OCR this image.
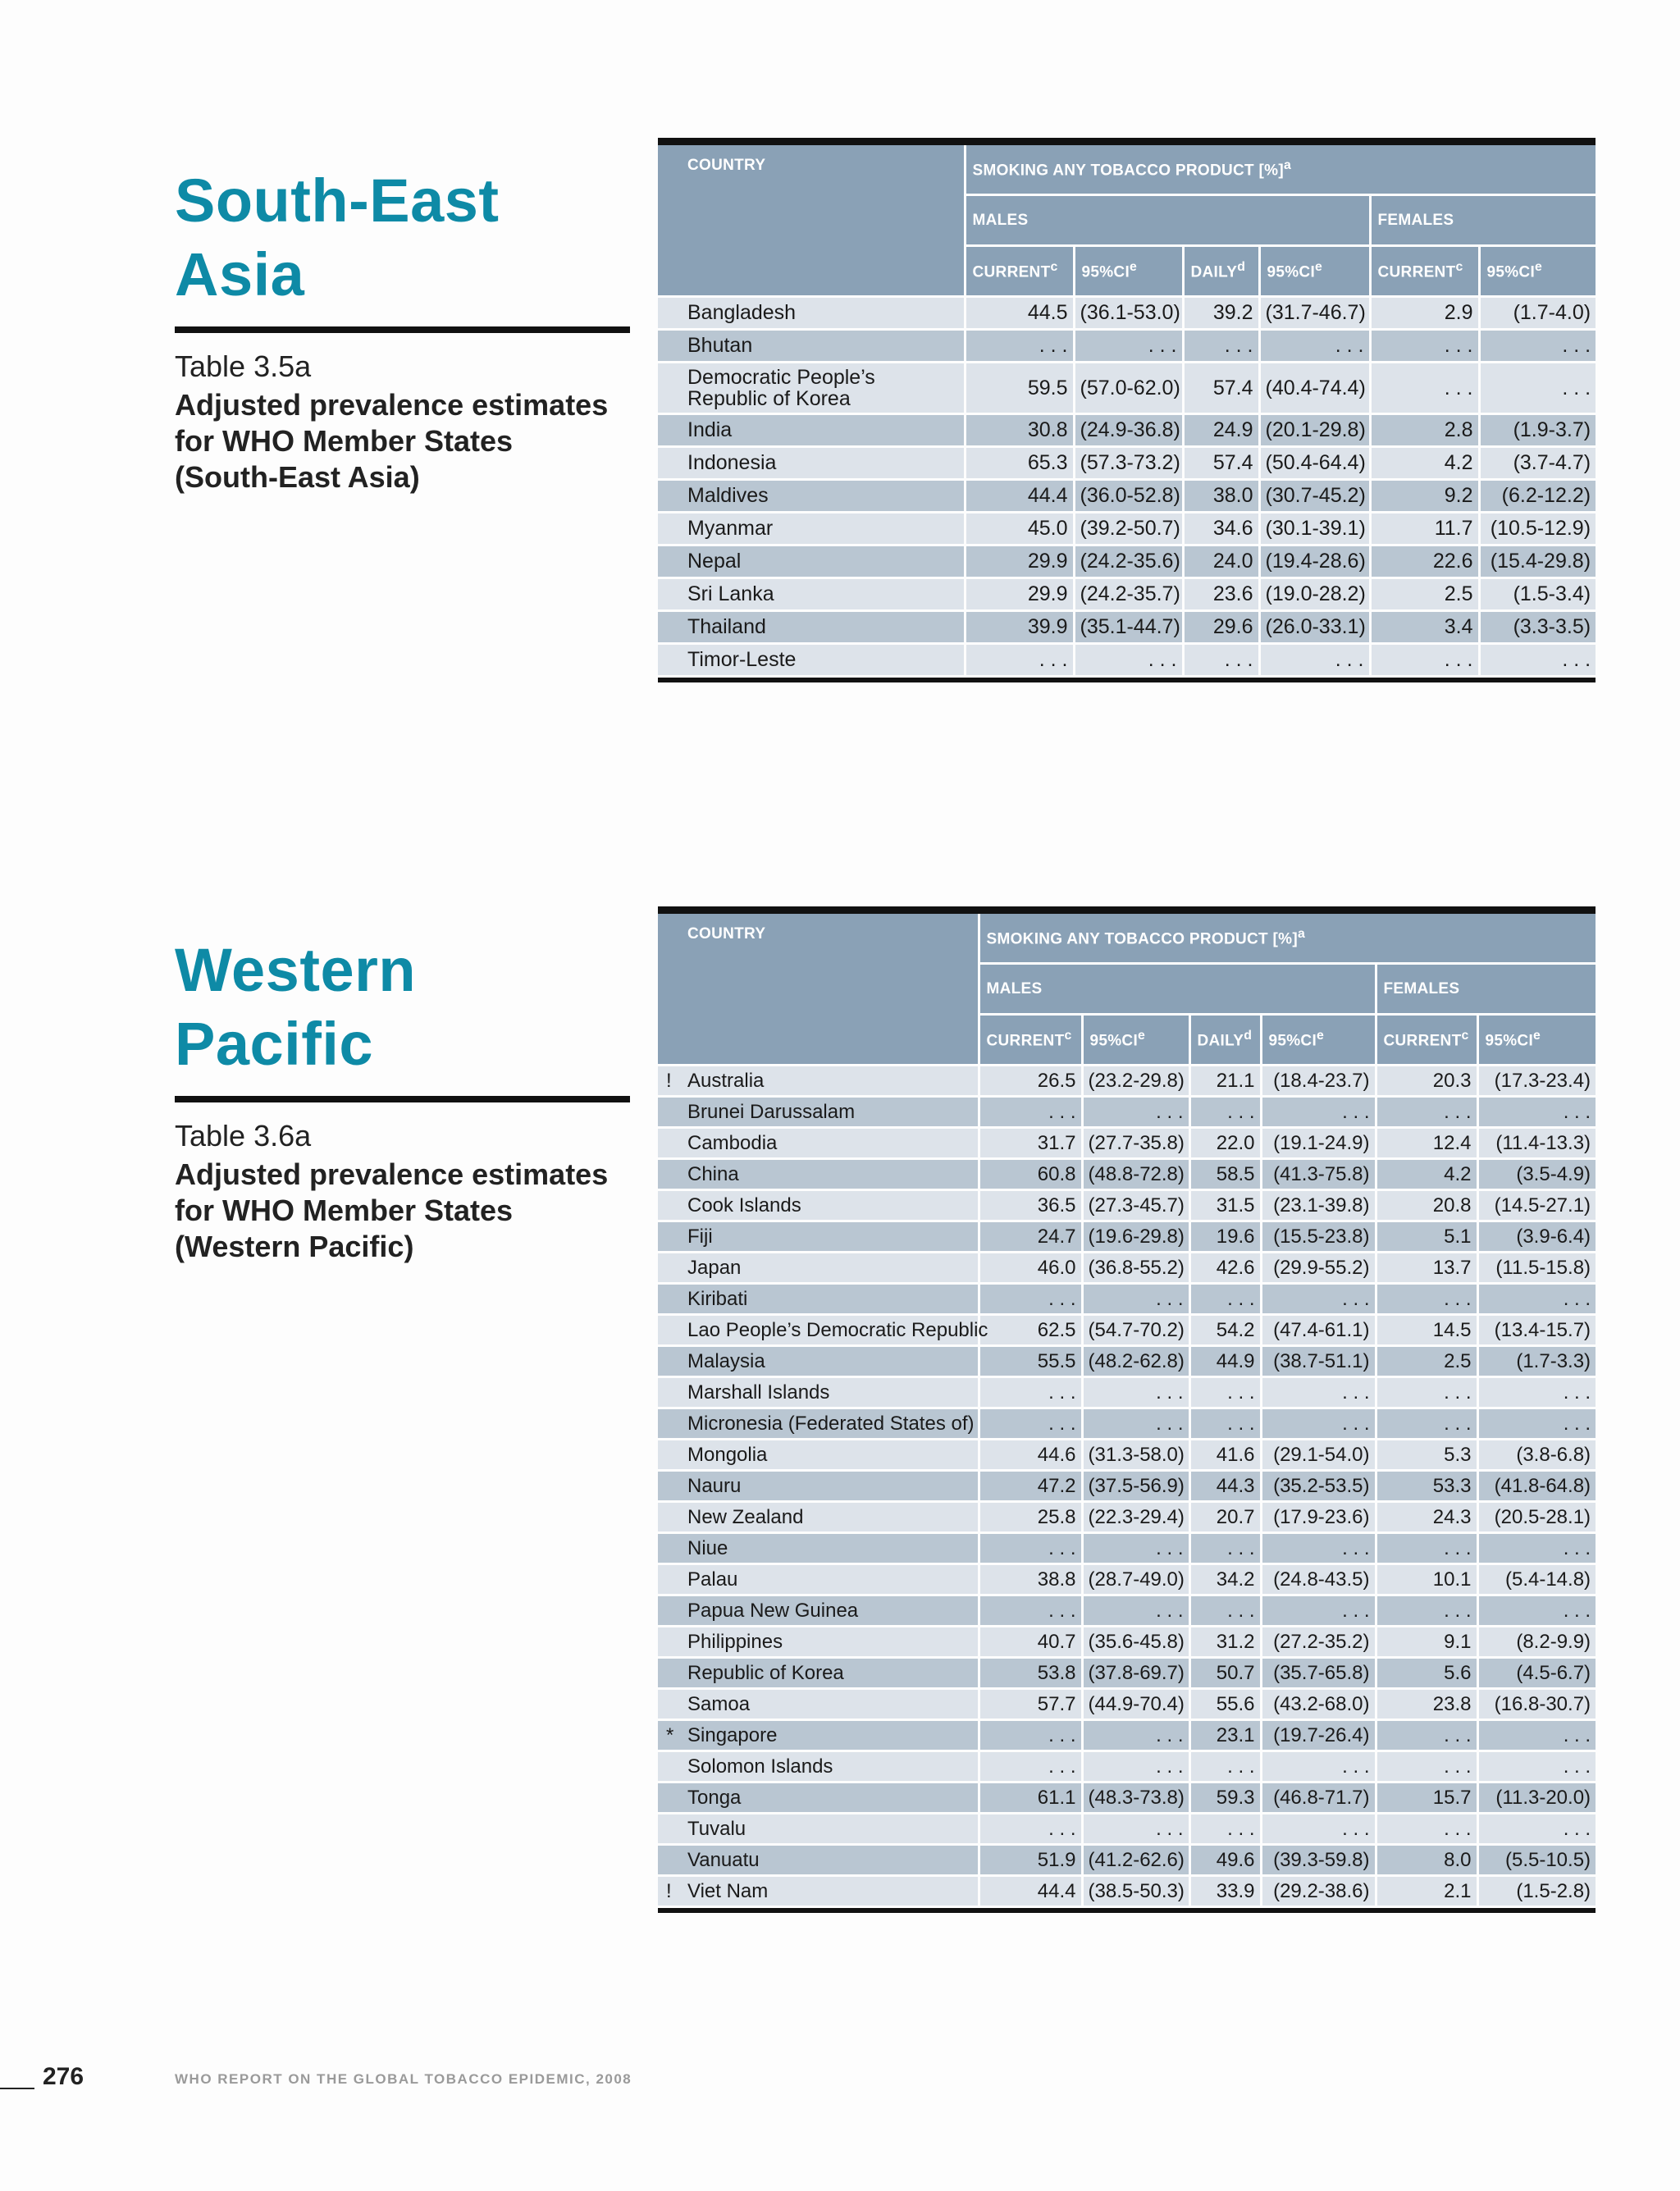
South-East
Asia
Table 3.5a
Adjusted prevalence estimates
for WHO Member States
(South-East Asia)
COUNTRY	SMOKING ANY TOBACCO PRODUCT [%]$^a$
	MALES				FEMALES	
	CURRENT$^c$	95%CIe	DAILY$^d$	95%CIe	CURRENT$^c$	95%CIe

Bangladesh	44.5	(36.1-53.0)	39.2	(31.7-46.7)	2.9	(1.7-4.0)

Bhutan	. . .	. . .	. . .	. . .	. . .	. . .

Democratic People’s Republic of Korea	59.5	(57.0-62.0)	57.4	(40.4-74.4)	. . .	. . .

India	30.8	(24.9-36.8)	24.9	(20.1-29.8)	2.8	(1.9-3.7)

Indonesia	65.3	(57.3-73.2)	57.4	(50.4-64.4)	4.2	(3.7-4.7)

Maldives	44.4	(36.0-52.8)	38.0	(30.7-45.2)	9.2	(6.2-12.2)

Myanmar	45.0	(39.2-50.7)	34.6	(30.1-39.1)	11.7	(10.5-12.9)

Nepal	29.9	(24.2-35.6)	24.0	(19.4-28.6)	22.6	(15.4-29.8)

Sri Lanka	29.9	(24.2-35.7)	23.6	(19.0-28.2)	2.5	(1.5-3.4)

Thailand	39.9	(35.1-44.7)	29.6	(26.0-33.1)	3.4	(3.3-3.5)

Timor-Leste	. . .	. . .	. . .	. . .	. . .	. . .
Western Pacific
Table 3.6a
Adjusted prevalence estimates
for WHO Member States
(Western Pacific)
COUNTRY	SMOKING ANY TOBACCO PRODUCT [%]$^a$
	MALES				FEMALES	
	CURRENT$^c$	95%CIe	DAILY$^d$	95%CIe	CURRENT$^c$	95%CIe

! Australia	26.5	(23.2-29.8)	21.1	(18.4-23.7)	20.3	(17.3-23.4)

Brunei Darussalam	. . .	. . .	. . .	. . .	. . .	. . .

Cambodia	31.7	(27.7-35.8)	22.0	(19.1-24.9)	12.4	(11.4-13.3)

China	60.8	(48.8-72.8)	58.5	(41.3-75.8)	4.2	(3.5-4.9)

Cook Islands	36.5	(27.3-45.7)	31.5	(23.1-39.8)	20.8	(14.5-27.1)

Fiji	24.7	(19.6-29.8)	19.6	(15.5-23.8)	5.1	(3.9-6.4)

Japan	46.0	(36.8-55.2)	42.6	(29.9-55.2)	13.7	(11.5-15.8)

Kiribati	. . .	. . .	. . .	. . .	. . .	. . .

Lao People’s Democratic Republic	62.5	(54.7-70.2)	54.2	(47.4-61.1)	14.5	(13.4-15.7)

Malaysia	55.5	(48.2-62.8)	44.9	(38.7-51.1)	2.5	(1.7-3.3)

Marshall Islands	. . .	. . .	. . .	. . .	. . .	. . .

Micronesia (Federated States of)	. . .	. . .	. . .	. . .	. . .	. . .

Mongolia	44.6	(31.3-58.0)	41.6	(29.1-54.0)	5.3	(3.8-6.8)

Nauru	47.2	(37.5-56.9)	44.3	(35.2-53.5)	53.3	(41.8-64.8)

New Zealand	25.8	(22.3-29.4)	20.7	(17.9-23.6)	24.3	(20.5-28.1)

Niue	. . .	. . .	. . .	. . .	. . .	. . .

Palau	38.8	(28.7-49.0)	34.2	(24.8-43.5)	10.1	(5.4-14.8)

Papua New Guinea	. . .	. . .	. . .	. . .	. . .	. . .

Philippines	40.7	(35.6-45.8)	31.2	(27.2-35.2)	9.1	(8.2-9.9)

Republic of Korea	53.8	(37.8-69.7)	50.7	(35.7-65.8)	5.6	(4.5-6.7)

Samoa	57.7	(44.9-70.4)	55.6	(43.2-68.0)	23.8	(16.8-30.7)

* Singapore	. . .	. . .	23.1	(19.7-26.4)	. . .	. . .

Solomon Islands	. . .	. . .	. . .	. . .	. . .	. . .

Tonga	61.1	(48.3-73.8)	59.3	(46.8-71.7)	15.7	(11.3-20.0)

Tuvalu	. . .	. . .	. . .	. . .	. . .	. . .

Vanuatu	51.9	(41.2-62.6)	49.6	(39.3-59.8)	8.0	(5.5-10.5)

! Viet Nam	44.4	(38.5-50.3)	33.9	(29.2-38.6)	2.1	(1.5-2.8)
276	WHO REPORT ON THE GLOBAL TOBACCO EPIDEMIC, 2008
